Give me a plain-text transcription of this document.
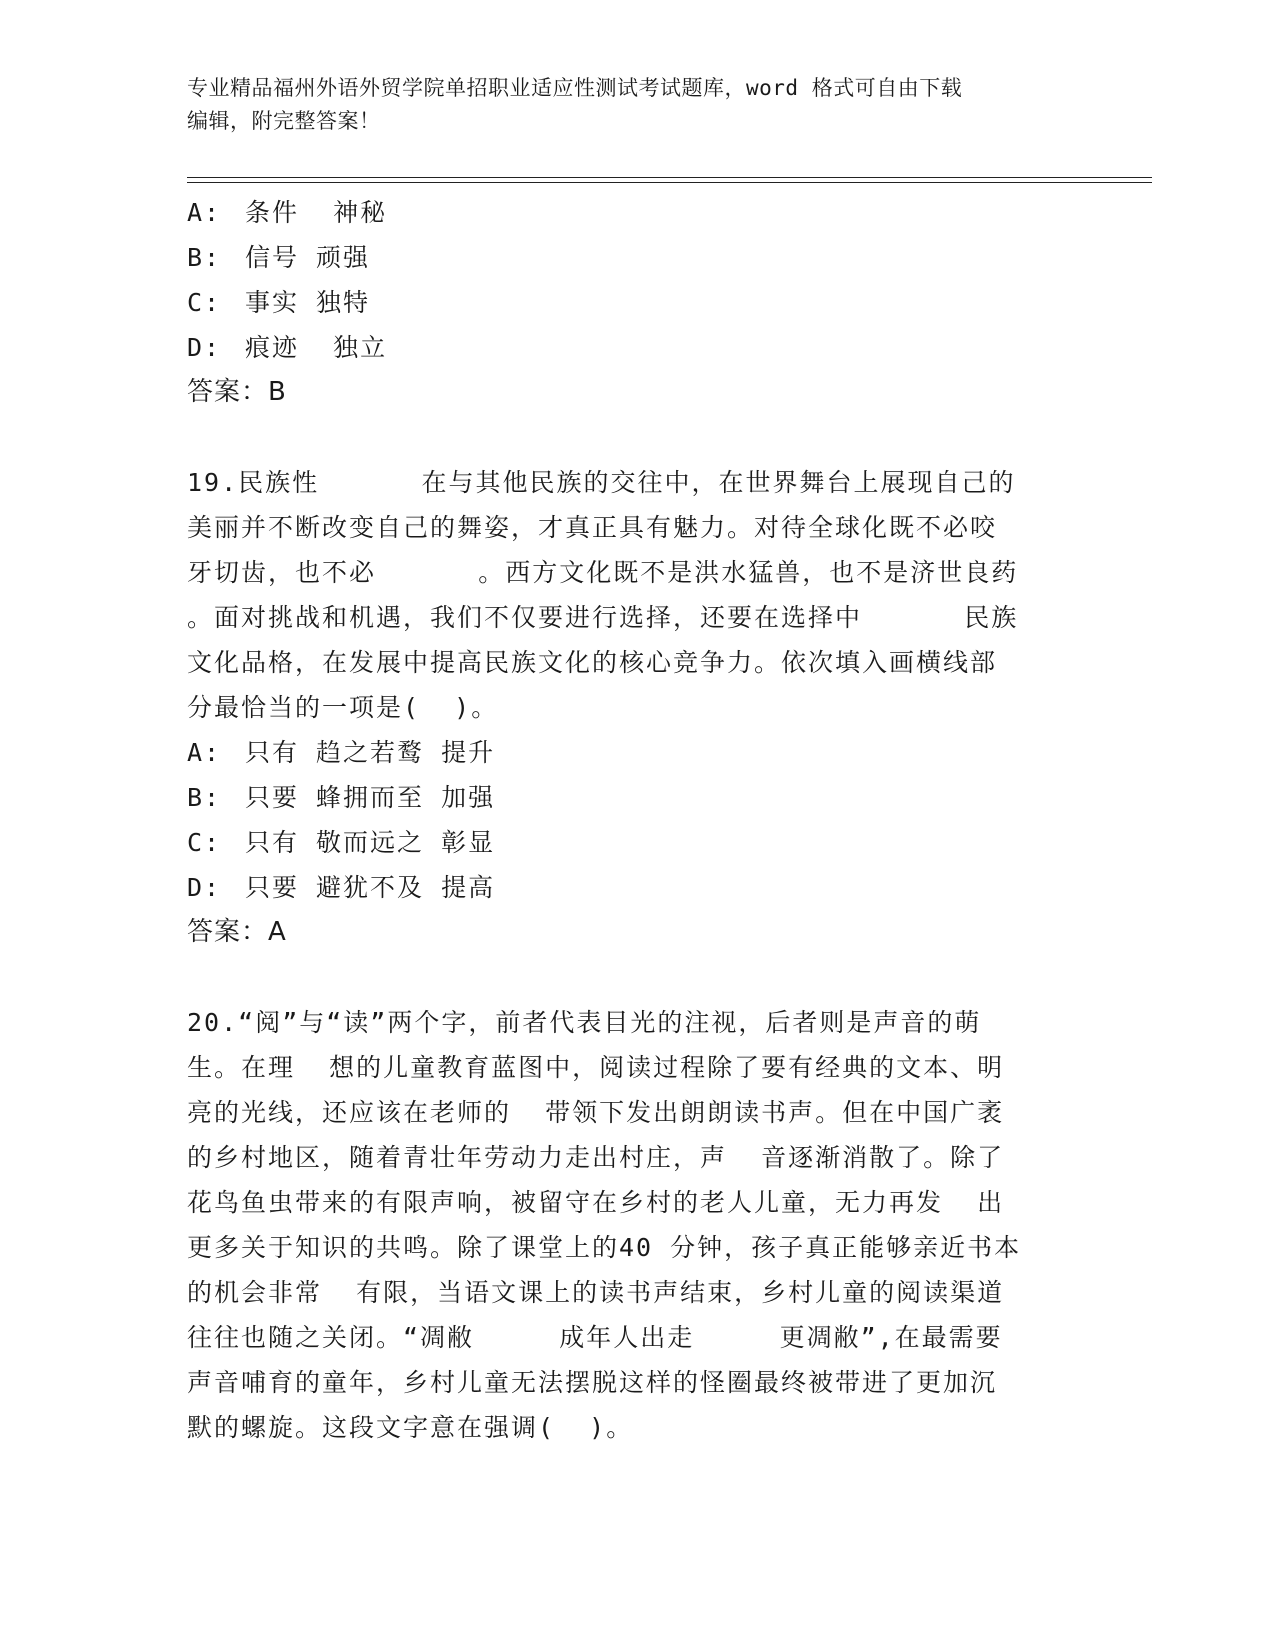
专业精品福州外语外贸学院单招职业适应性测试考试题库，word 格式可自由下载
编辑，附完整答案！
A: 条件  神秘
B: 信号 顽强
C: 事实 独特
D: 痕迹  独立
答案：B
19.民族性      在与其他民族的交往中，在世界舞台上展现自己的
美丽并不断改变自己的舞姿，才真正具有魅力。对待全球化既不必咬
牙切齿，也不必      。西方文化既不是洪水猛兽，也不是济世良药
。面对挑战和机遇，我们不仅要进行选择，还要在选择中      民族
文化品格，在发展中提高民族文化的核心竞争力。依次填入画横线部
分最恰当的一项是(  )。
A: 只有 趋之若鹜 提升
B: 只要 蜂拥而至 加强
C: 只有 敬而远之 彰显
D: 只要 避犹不及 提高
答案：A
20.“阅”与“读”两个字，前者代表目光的注视，后者则是声音的萌
生。在理  想的儿童教育蓝图中，阅读过程除了要有经典的文本、明
亮的光线，还应该在老师的  带领下发出朗朗读书声。但在中国广袤
的乡村地区，随着青壮年劳动力走出村庄，声  音逐渐消散了。除了
花鸟鱼虫带来的有限声响，被留守在乡村的老人儿童，无力再发  出
更多关于知识的共鸣。除了课堂上的40 分钟，孩子真正能够亲近书本
的机会非常  有限，当语文课上的读书声结束，乡村儿童的阅读渠道
往往也随之关闭。“凋敝     成年人出走     更凋敝”,在最需要
声音哺育的童年，乡村儿童无法摆脱这样的怪圈最终被带进了更加沉
默的螺旋。这段文字意在强调(  )。
